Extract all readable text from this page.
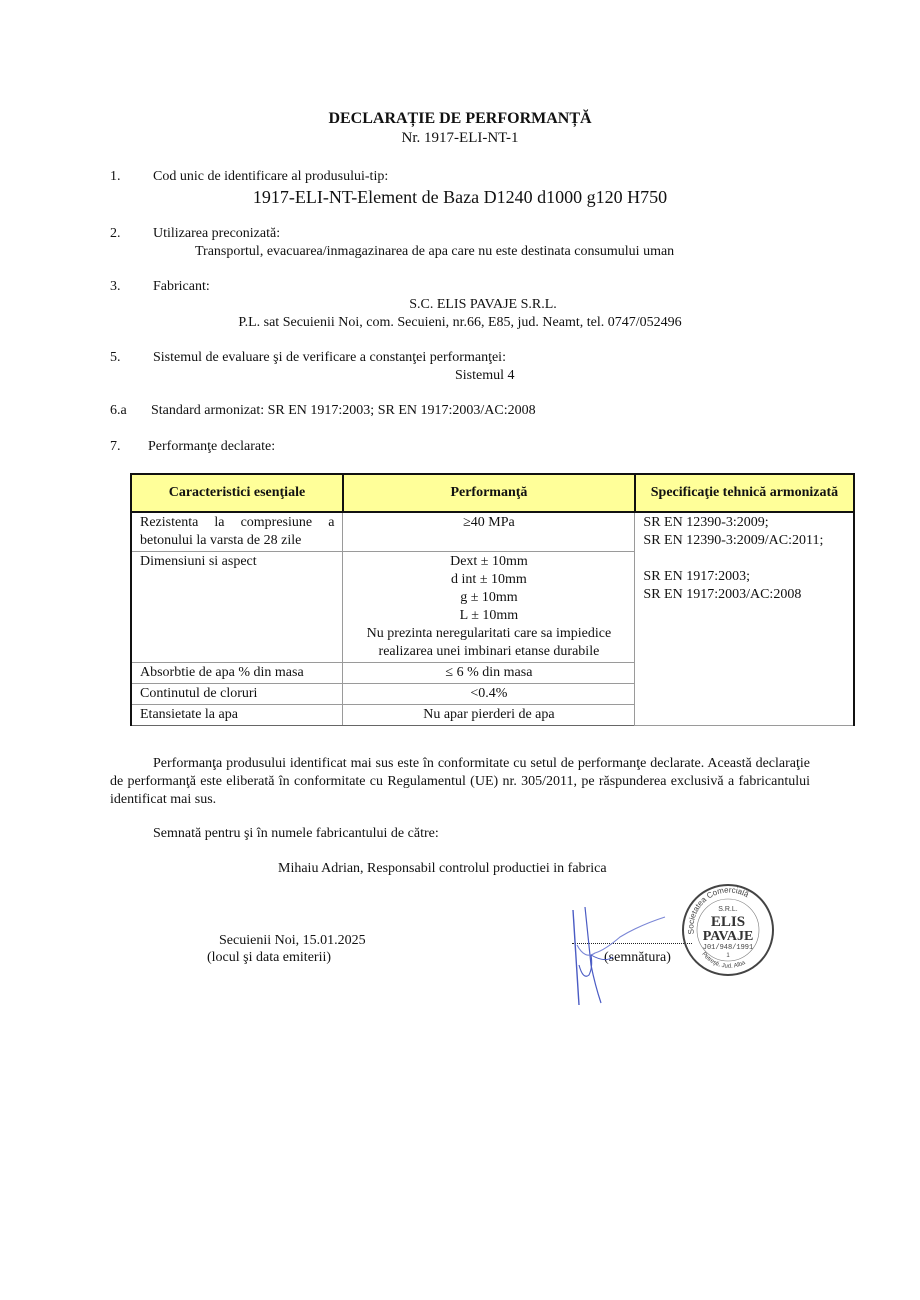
DECLARAȚIE DE PERFORMANȚĂ
Nr. 1917-ELI-NT-1
1. Cod unic de identificare al produsului-tip:
1917-ELI-NT-Element de Baza D1240 d1000 g120 H750
2. Utilizarea preconizată:
Transportul, evacuarea/inmagazinarea de apa care nu este destinata consumului uman
3. Fabricant:
S.C. ELIS PAVAJE S.R.L.
P.L. sat Secuienii Noi, com. Secuieni, nr.66, E85, jud. Neamt, tel. 0747/052496
5. Sistemul de evaluare şi de verificare a constanţei performanţei:
Sistemul 4
6.a Standard armonizat: SR EN 1917:2003; SR EN 1917:2003/AC:2008
7. Performanţe declarate:
Caracteristici esenţiale	Performanţă	Specificaţie tehnică armonizată
Rezistenta la compresiune a betonului la varsta de 28 zile	≥40 MPa	SR EN 12390-3:2009;
SR EN 12390-3:2009/AC:2011;
SR EN 1917:2003;
SR EN 1917:2003/AC:2008

Dimensiuni si aspect	Dext ± 10mm
d int ± 10mm
g ± 10mm
L ± 10mm
Nu prezinta neregularitati care sa impiedice
realizarea unei imbinari etanse durabile

Absorbtie de apa % din masa	≤ 6 % din masa	
Continutul de cloruri	<0.4%	
Etansietate la apa	Nu apar pierderi de apa	
Performanţa produsului identificat mai sus este în conformitate cu setul de performanţe declarate. Această declaraţie de performanţă este eliberată în conformitate cu Regulamentul (UE) nr. 305/2011, pe răspunderea exclusivă a fabricantului identificat mai sus.
Semnată pentru şi în numele fabricantului de către:
Mihaiu Adrian, Responsabil controlul productiei in fabrica
Secuienii Noi, 15.01.2025
(locul şi data emiterii)	(semnătura)
Societatea Comercială
Petreşti, Jud. Alba
S.R.L.
ELIS
PAVAJE
J01/948/1991
1
